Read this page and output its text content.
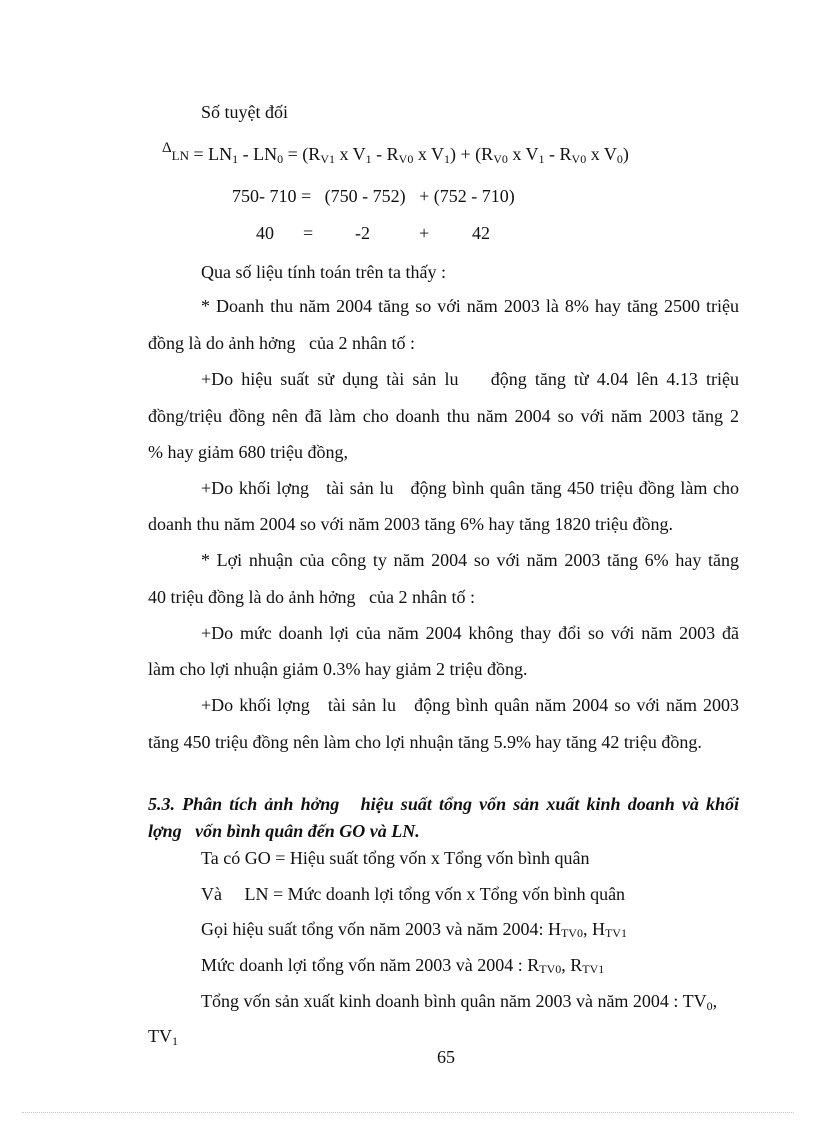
Số tuyệt đối
$^\Delta LN = LN_1 - LN_0 = (R_{V1}$ x $V_1 - R_{V0}$ x $V_1) + (R_{V0}$ x $V_1 - R_{V0}$ x $V_0$)
750- 710 =   (750 - 752)   + (752 - 710)
40 = -2	+ 42
Qua số liệu tính toán trên ta thấy :
* Doanh thu năm 2004 tăng so với năm 2003 là 8% hay tăng 2500 triệu
đồng là do ảnh hởng   của 2 nhân tố :
+Do hiệu suất sử dụng tài sản lu    động tăng từ 4.04 lên 4.13 triệu
đồng/triệu đồng nên đã làm cho doanh thu năm 2004 so với năm 2003 tăng 2
% hay giảm 680 triệu đồng,
+Do khối lợng   tài sản lu   động bình quân tăng 450 triệu đồng làm cho
doanh thu năm 2004 so với năm 2003 tăng 6% hay tăng 1820 triệu đồng.
* Lợi nhuận của công ty năm 2004 so với năm 2003 tăng 6% hay tăng
40 triệu đồng là do ảnh hởng   của 2 nhân tố :
+Do mức doanh lợi của năm 2004 không thay đổi so với năm 2003 đã
làm cho lợi nhuận giảm 0.3% hay giảm 2 triệu đồng.
+Do khối lợng   tài sản lu   động bình quân năm 2004 so với năm 2003
tăng 450 triệu đồng nên làm cho lợi nhuận tăng 5.9% hay tăng 42 triệu đồng.
5.3. Phân tích ảnh hởng   hiệu suất tổng vốn sản xuất kinh doanh và khối
lợng   vốn bình quân đến GO và LN.
Ta có GO = Hiệu suất tổng vốn x Tổng vốn bình quân
Và     LN = Mức doanh lợi tổng vốn x Tổng vốn bình quân
Gọi hiệu suất tổng vốn năm 2003 và năm 2004: HTV0, HTV1
Mức doanh lợi tổng vốn năm 2003 và 2004 : RTV0, RTV1
Tổng vốn sản xuất kinh doanh bình quân năm 2003 và năm 2004 : $TV_0$,
$TV_1$
65
